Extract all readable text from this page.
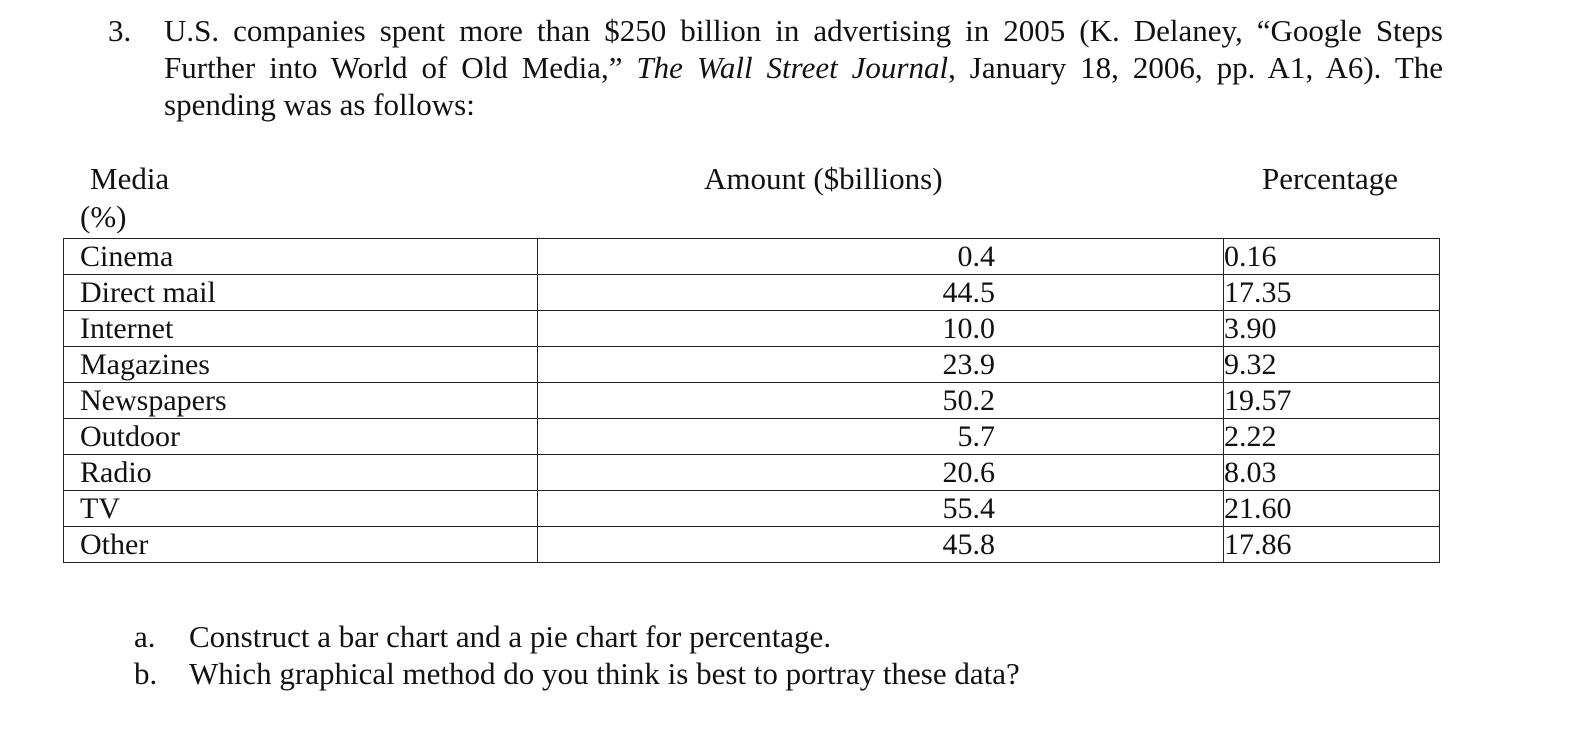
3. U.S. companies spent more than $250 billion in advertising in 2005 (K. Delaney, “Google Steps Further into World of Old Media,” The Wall Street Journal, January 18, 2006, pp. A1, A6). The spending was as follows:
Media
(%)
Amount ($billions)	Percentage
Cinema	0.4	0.16
Direct mail	44.5	17.35
Internet	10.0	3.90
Magazines	23.9	9.32
Newspapers	50.2	19.57
Outdoor	5.7	2.22
Radio	20.6	8.03
TV	55.4	21.60
Other	45.8	17.86
a. Construct a bar chart and a pie chart for percentage.
b. Which graphical method do you think is best to portray these data?
